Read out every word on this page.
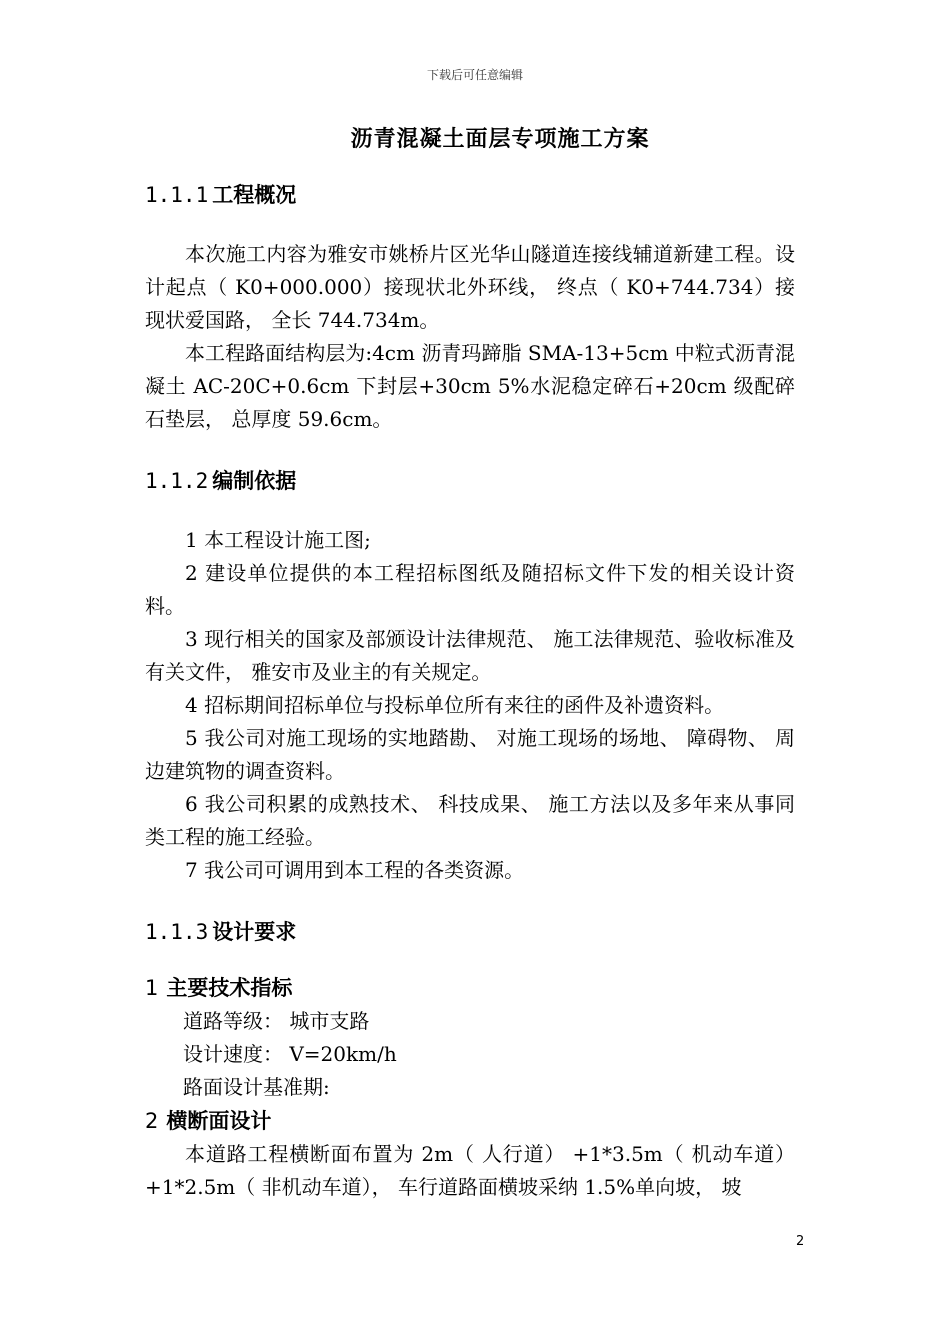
下载后可任意编辑
沥青混凝土面层专项施工方案
1.1.1 工程概况

本次施工内容为雅安市姚桥片区光华山隧道连接线辅道新建工程。设计起点（ K0+000.000）接现状北外环线， 终点（ K0+744.734）接现状爱国路， 全长 744.734m。

本工程路面结构层为:4cm 沥青玛蹄脂 SMA-13+5cm 中粒式沥青混凝土 AC-20C+0.6cm 下封层+30cm 5%水泥稳定碎石+20cm 级配碎石垫层， 总厚度 59.6cm。

1.1.2 编制依据

1 本工程设计施工图;

2 建设单位提供的本工程招标图纸及随招标文件下发的相关设计资料。

3 现行相关的国家及部颁设计法律规范、 施工法律规范、验收标准及有关文件， 雅安市及业主的有关规定。

4 招标期间招标单位与投标单位所有来往的函件及补遗资料。

5 我公司对施工现场的实地踏勘、 对施工现场的场地、 障碍物、 周边建筑物的调查资料。

6 我公司积累的成熟技术、 科技成果、 施工方法以及多年来从事同类工程的施工经验。

7 我公司可调用到本工程的各类资源。

1.1.3 设计要求
1 主要技术指标

道路等级： 城市支路

设计速度： V=20km/h

路面设计基准期:

2 横断面设计

本道路工程横断面布置为 2m（ 人行道） +1*3.5m（ 机动车道） +1*2.5m（ 非机动车道）， 车行道路面横坡采纳 1.5%单向坡， 坡

2
